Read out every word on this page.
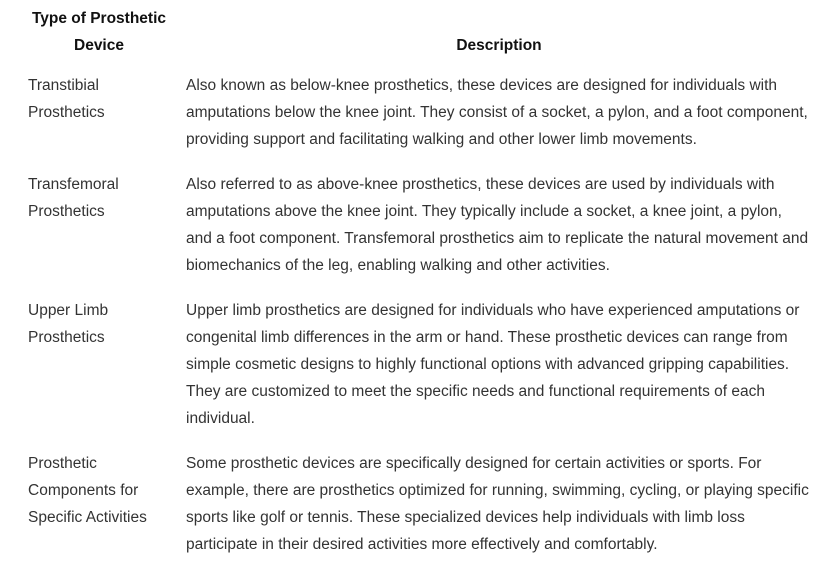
Type of Prosthetic Device	Description
Transtibial Prosthetics	Also known as below-knee prosthetics, these devices are designed for individuals with amputations below the knee joint. They consist of a socket, a pylon, and a foot component, providing support and facilitating walking and other lower limb movements.
Transfemoral Prosthetics	Also referred to as above-knee prosthetics, these devices are used by individuals with amputations above the knee joint. They typically include a socket, a knee joint, a pylon, and a foot component. Transfemoral prosthetics aim to replicate the natural movement and biomechanics of the leg, enabling walking and other activities.
Upper Limb Prosthetics	Upper limb prosthetics are designed for individuals who have experienced amputations or congenital limb differences in the arm or hand. These prosthetic devices can range from simple cosmetic designs to highly functional options with advanced gripping capabilities. They are customized to meet the specific needs and functional requirements of each individual.
Prosthetic Components for Specific Activities	Some prosthetic devices are specifically designed for certain activities or sports. For example, there are prosthetics optimized for running, swimming, cycling, or playing specific sports like golf or tennis. These specialized devices help individuals with limb loss participate in their desired activities more effectively and comfortably.
